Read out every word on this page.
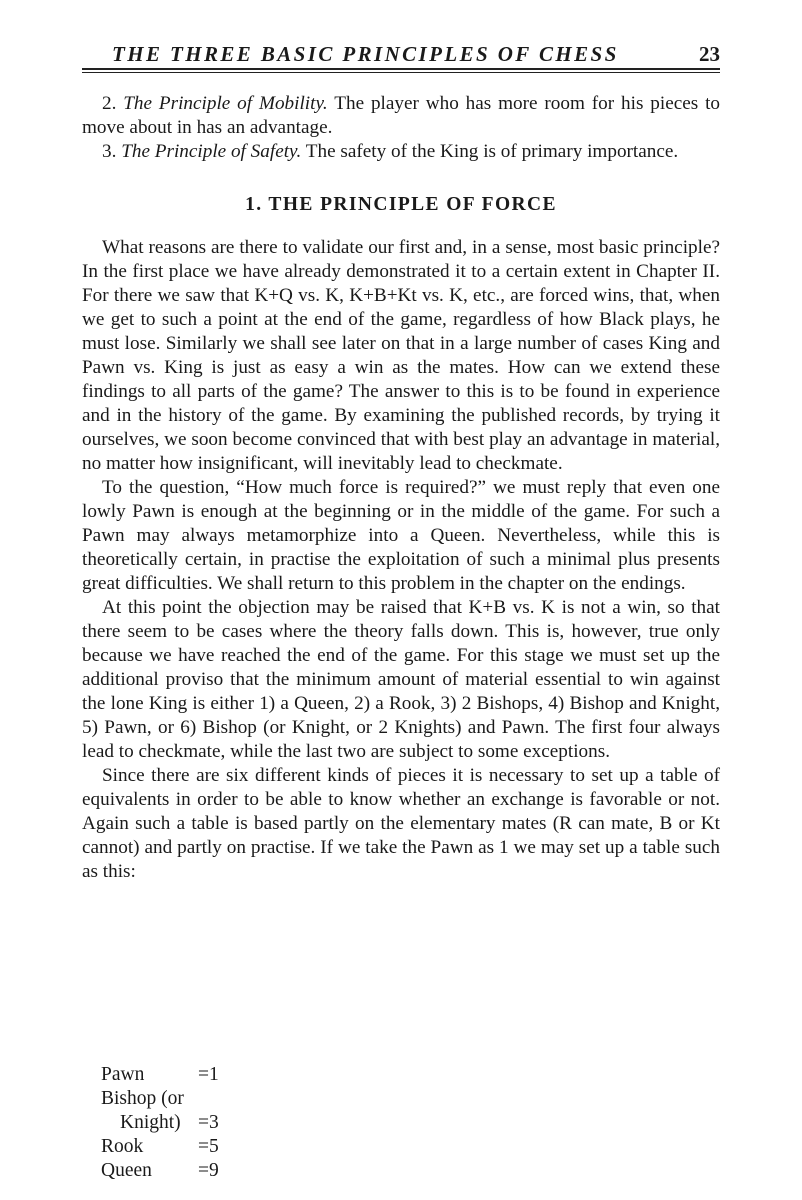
THE THREE BASIC PRINCIPLES OF CHESS	23

2. The Principle of Mobility. The player who has more room for his pieces to move about in has an advantage.

3. The Principle of Safety. The safety of the King is of primary importance.

1. THE PRINCIPLE OF FORCE

What reasons are there to validate our first and, in a sense, most basic principle? In the first place we have already demonstrated it to a certain extent in Chapter II. For there we saw that K+Q vs. K, K+B+Kt vs. K, etc., are forced wins, that, when we get to such a point at the end of the game, regardless of how Black plays, he must lose. Similarly we shall see later on that in a large number of cases King and Pawn vs. King is just as easy a win as the mates. How can we extend these findings to all parts of the game? The answer to this is to be found in experience and in the history of the game. By examining the published records, by trying it ourselves, we soon become convinced that with best play an advantage in material, no matter how insignificant, will inevitably lead to checkmate.

To the question, “How much force is required?” we must reply that even one lowly Pawn is enough at the beginning or in the middle of the game. For such a Pawn may always metamorphize into a Queen. Nevertheless, while this is theoretically certain, in practise the exploitation of such a minimal plus presents great difficulties. We shall return to this problem in the chapter on the endings.

At this point the objection may be raised that K+B vs. K is not a win, so that there seem to be cases where the theory falls down. This is, however, true only because we have reached the end of the game. For this stage we must set up the additional proviso that the minimum amount of material essential to win against the lone King is either 1) a Queen, 2) a Rook, 3) 2 Bishops, 4) Bishop and Knight, 5) Pawn, or 6) Bishop (or Knight, or 2 Knights) and Pawn. The first four always lead to checkmate, while the last two are subject to some exceptions.

Since there are six different kinds of pieces it is necessary to set up a table of equivalents in order to be able to know whether an exchange is favorable or not. Again such a table is based partly on the elementary mates (R can mate, B or Kt cannot) and partly on practise. If we take the Pawn as 1 we may set up a table such as this:

Pawn	=1
Bishop (or
Knight) =3
Rook	=5
Queen =9
